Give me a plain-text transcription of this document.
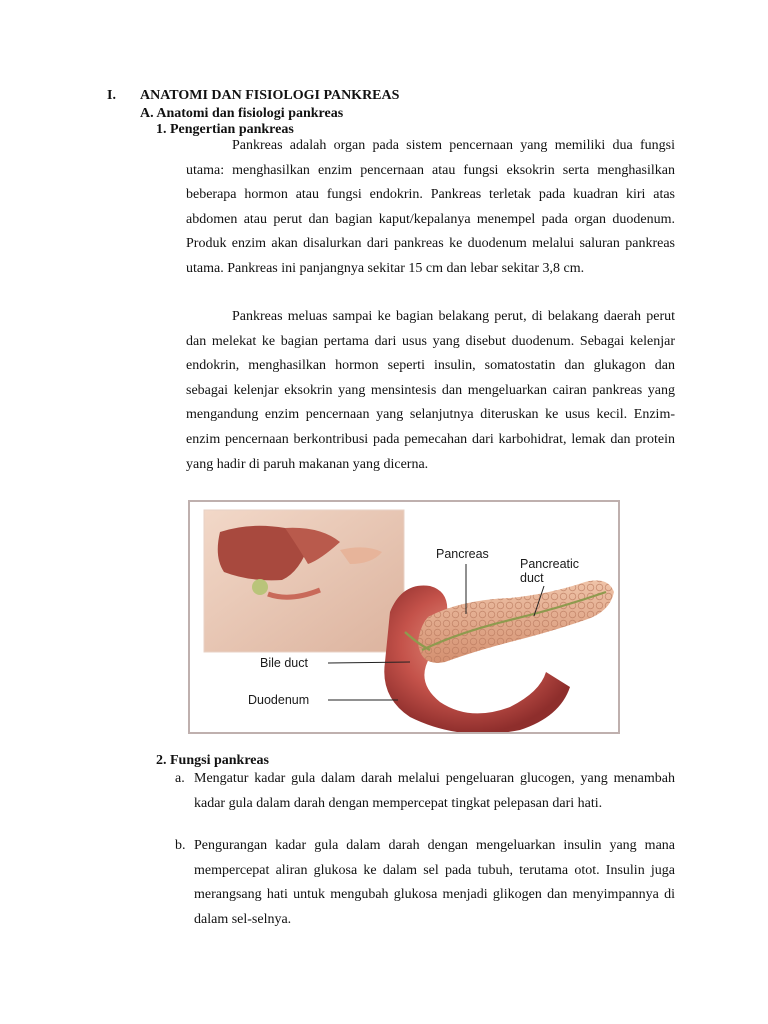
I. ANATOMI DAN FISIOLOGI PANKREAS
A. Anatomi dan fisiologi pankreas
1. Pengertian pankreas

Pankreas adalah organ pada sistem pencernaan yang memiliki dua fungsi utama: menghasilkan enzim pencernaan atau fungsi eksokrin serta menghasilkan beberapa hormon atau fungsi endokrin. Pankreas terletak pada kuadran kiri atas abdomen atau perut dan bagian kaput/kepalanya menempel pada organ duodenum. Produk enzim akan disalurkan dari pankreas ke duodenum melalui saluran pankreas utama. Pankreas ini panjangnya sekitar 15 cm dan lebar sekitar 3,8 cm.

Pankreas meluas sampai ke bagian belakang perut, di belakang daerah perut dan melekat ke bagian pertama dari usus yang disebut duodenum. Sebagai kelenjar endokrin, menghasilkan hormon seperti insulin, somatostatin dan glukagon dan sebagai kelenjar eksokrin yang mensintesis dan mengeluarkan cairan pankreas yang mengandung enzim pencernaan yang selanjutnya diteruskan ke usus kecil. Enzim-enzim pencernaan berkontribusi pada pemecahan dari karbohidrat, lemak dan protein yang hadir di paruh makanan yang dicerna.

Pancreas
Pancreatic
duct
Bile duct
Duodenum
2. Fungsi pankreas
a. Mengatur kadar gula dalam darah melalui pengeluaran glucogen, yang menambah kadar gula dalam darah dengan mempercepat tingkat pelepasan dari hati.
b. Pengurangan kadar gula dalam darah dengan mengeluarkan insulin yang mana mempercepat aliran glukosa ke dalam sel pada tubuh, terutama otot. Insulin juga merangsang hati untuk mengubah glukosa menjadi glikogen dan menyimpannya di dalam sel-selnya.
